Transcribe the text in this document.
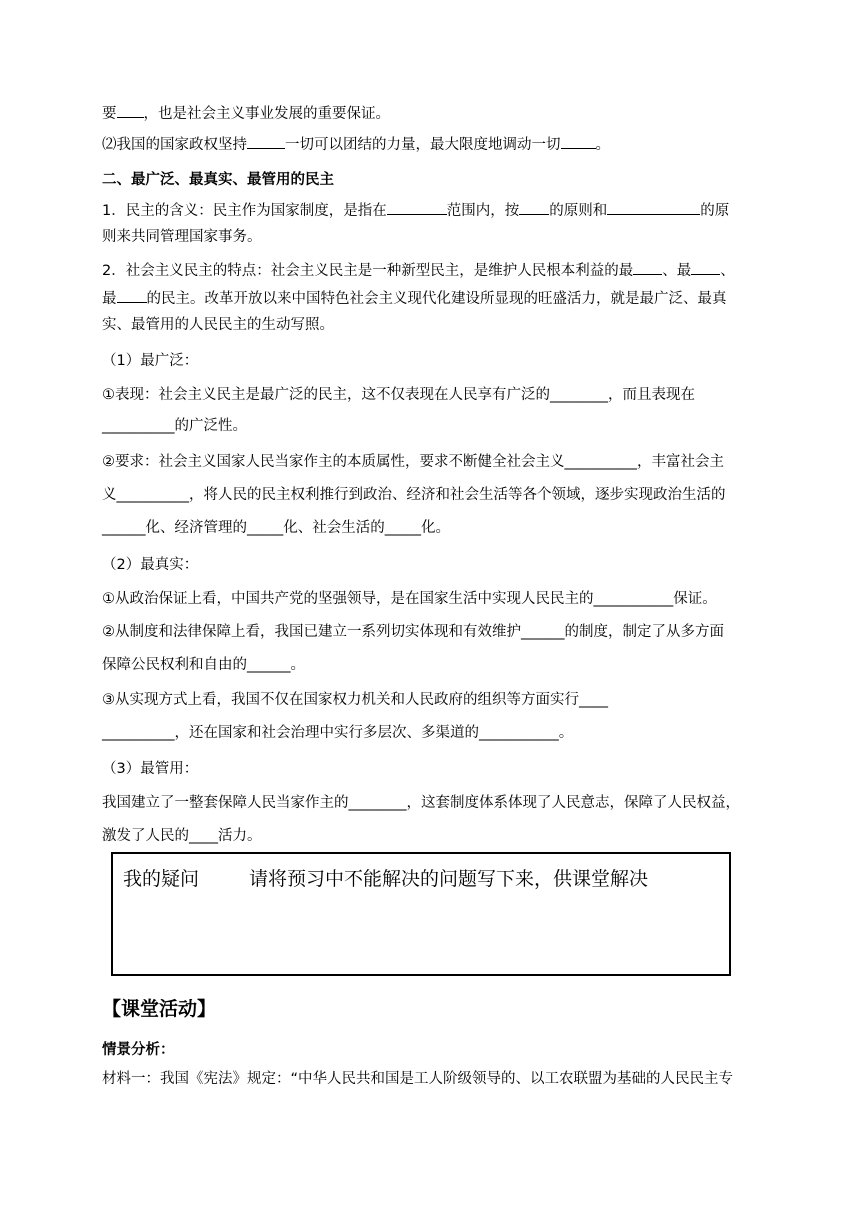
要 ，也是社会主义事业发展的重要保证。
⑵我国的国家政权坚持	一切可以团结的力量，最大限度地调动一切 。
二、最广泛、最真实、最管用的民主
1．民主的含义：民主作为国家制度，是指在	范围内，按 的原则和	的原
则来共同管理国家事务。
2．社会主义民主的特点：社会主义民主是一种新型民主，是维护人民根本利益的最 、最 、
最 的民主。改革开放以来中国特色社会主义现代化建设所显现的旺盛活力，就是最广泛、最真
实、最管用的人民民主的生动写照。
（1）最广泛：
①表现：社会主义民主是最广泛的民主，这不仅表现在人民享有广泛的________，而且表现在
__________的广泛性。
②要求：社会主义国家人民当家作主的本质属性，要求不断健全社会主义__________，丰富社会主
义__________，将人民的民主权利推行到政治、经济和社会生活等各个领域，逐步实现政治生活的
______化、经济管理的_____化、社会生活的_____化。
（2）最真实：
①从政治保证上看，中国共产党的坚强领导，是在国家生活中实现人民民主的___________保证。
②从制度和法律保障上看，我国已建立一系列切实体现和有效维护______的制度，制定了从多方面
保障公民权利和自由的______。
③从实现方式上看，我国不仅在国家权力机关和人民政府的组织等方面实行____
__________，还在国家和社会治理中实行多层次、多渠道的___________。
（3）最管用：
我国建立了一整套保障人民当家作主的________，这套制度体系体现了人民意志，保障了人民权益，
激发了人民的____活力。
我的疑问	请将预习中不能解决的问题写下来，供课堂解决
【课堂活动】
情景分析：
材料一：我国《宪法》规定：“中华人民共和国是工人阶级领导的、以工农联盟为基础的人民民主专
